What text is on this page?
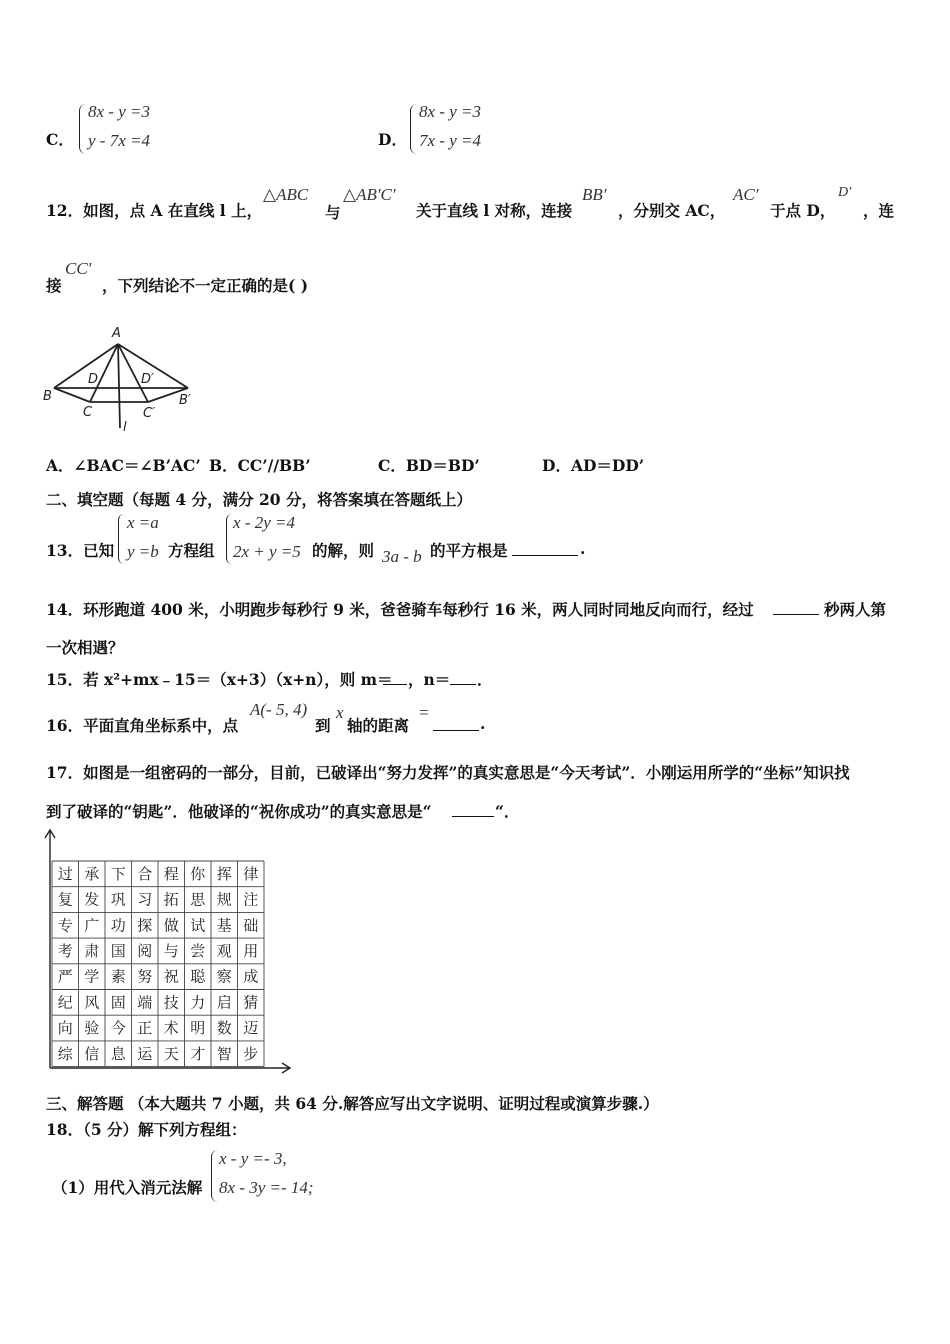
C．
8x - y =3
y - 7x =4	D．
8x - y =3
7x - y =4
12．如图，点 A 在直线 l 上，
△ABC
与
△AB′C′
关于直线 l 对称，连接
BB′
，分别交 AC，
AC′
于点 D，
D′
，连
接
CC′
，下列结论不一定正确的是( )
A
B
C
D	D′
C′
B′
l
A．∠BAC＝∠B’AC’ B．CC’//BB’	C．BD＝BD’	D．AD＝DD’
二、填空题（每题 4 分，满分 20 分，将答案填在答题纸上）
13．已知
x =a
y =b 方程组
x - 2y =4
2x + y =5 的解，则 3a - b 的平方根是	.
14．环形跑道 400 米，小明跑步每秒行 9 米，爸爸骑车每秒行 16 米，两人同时同地反向而行，经过	秒两人第
一次相遇？
15．若 x²+mx﹣15＝（x+3）（x+n），则 m＝ ，n＝ ．
16．平面直角坐标系中，点
A(- 5, 4)
到
x
轴的距离
=
.
17．如图是一组密码的一部分，目前，已破译出“努力发挥”的真实意思是“今天考试”．小刚运用所学的“坐标”知识找
到了破译的“钥匙”．他破译的“祝你成功”的真实意思是“	“．
过 承 下 合 程 你 挥 律
复 发 巩 习 拓 思 规 注
专 广 功 探 做 试 基 础
考 肃 国 阅 与 尝 观 用
严 学 素 努 祝 聪 察 成
纪 风 固 端 技 力 启 猜
向 验 今 正 术 明 数 迈
综 信 息 运 天 才 智 步
三、解答题 （本大题共 7 小题，共 64 分.解答应写出文字说明、证明过程或演算步骤.）
18．（5 分）解下列方程组：
（1）用代入消元法解
x - y =- 3,
8x - 3y =- 14;
